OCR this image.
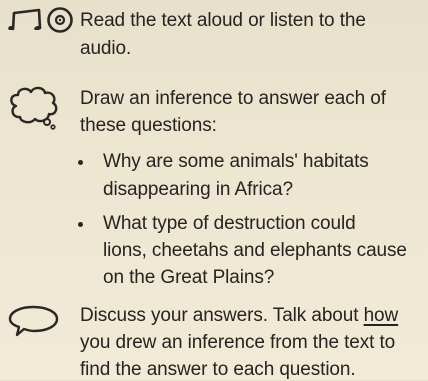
Read the text aloud or listen to the

audio.

Draw an inference to answer each of

these questions:

Why are some animals' habitats

disappearing in Africa?

What type of destruction could

lions, cheetahs and elephants cause

on the Great Plains?

Discuss your answers. Talk about how

you drew an inference from the text to

find the answer to each question.
